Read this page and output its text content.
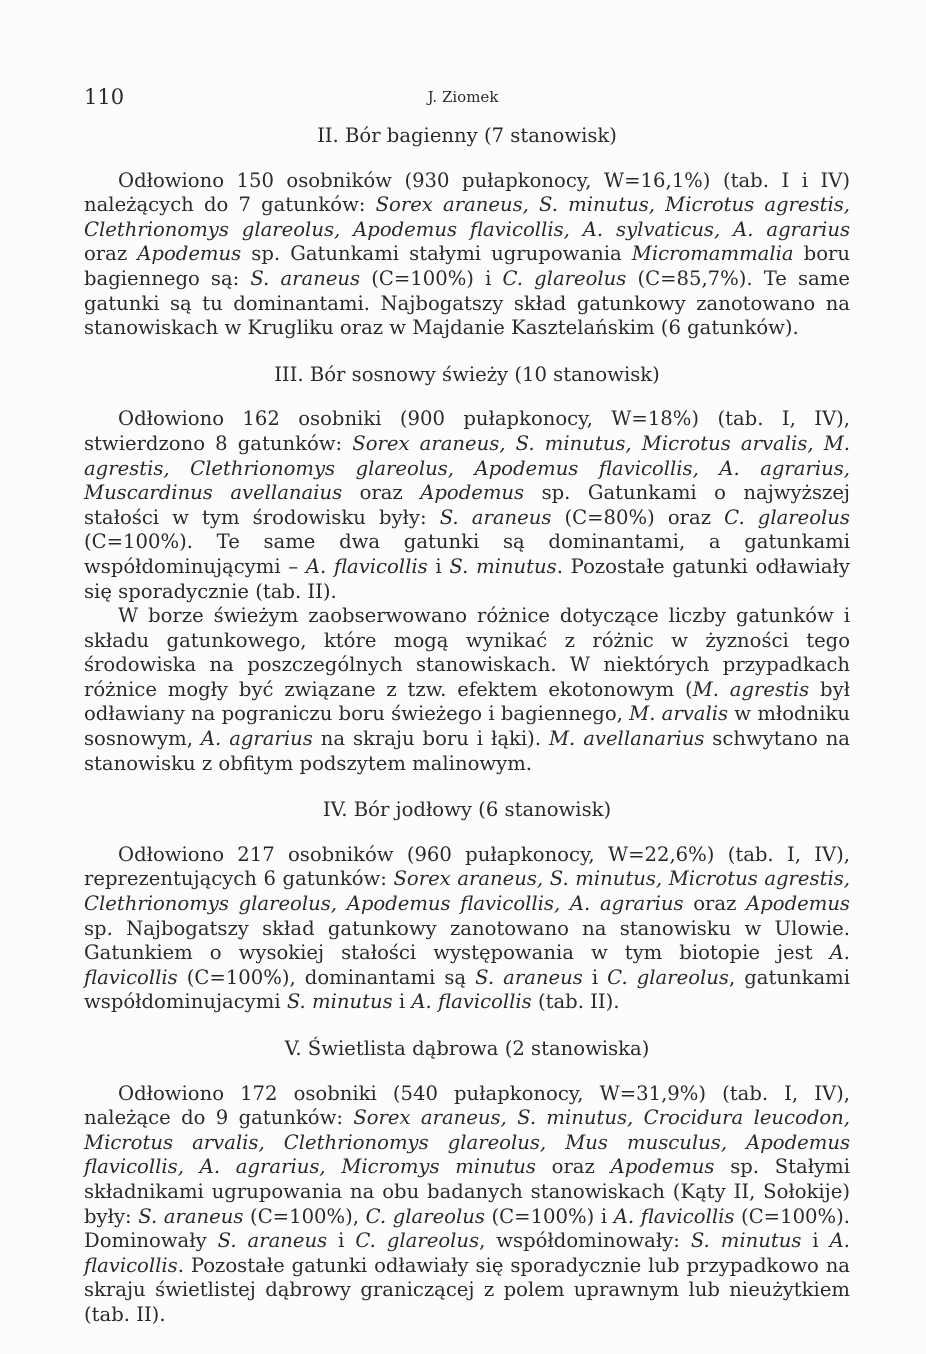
110	J. Ziomek
II. Bór bagienny (7 stanowisk)

Odłowiono 150 osobników (930 pułapkonocy, W=16,1%) (tab. I i IV) należących do 7 gatunków: Sorex araneus, S. minutus, Microtus agrestis, Clethrionomys glareolus, Apodemus flavicollis, A. sylvaticus, A. agrarius oraz Apodemus sp. Gatunkami stałymi ugrupowania Micromammalia boru bagiennego są: S. araneus (C=100%) i C. glareolus (C=85,7%). Te same gatunki są tu dominantami. Najbogatszy skład gatunkowy zanotowano na stanowiskach w Krugliku oraz w Majdanie Kasztelańskim (6 gatunków).

III. Bór sosnowy świeży (10 stanowisk)

Odłowiono 162 osobniki (900 pułapkonocy, W=18%) (tab. I, IV), stwierdzono 8 gatunków: Sorex araneus, S. minutus, Microtus arvalis, M. agrestis, Clethrionomys glareolus, Apodemus flavicollis, A. agrarius, Muscardinus avellanaius oraz Apodemus sp. Gatunkami o najwyższej stałości w tym środowisku były: S. araneus (C=80%) oraz C. glareolus (C=100%). Te same dwa gatunki są dominantami, a gatunkami współdominującymi – A. flavicollis i S. minutus. Pozostałe gatunki odławiały się sporadycznie (tab. II).

W borze świeżym zaobserwowano różnice dotyczące liczby gatunków i składu gatunkowego, które mogą wynikać z różnic w żyzności tego środowiska na poszczególnych stanowiskach. W niektórych przypadkach różnice mogły być związane z tzw. efektem ekotonowym (M. agrestis był odławiany na pograniczu boru świeżego i bagiennego, M. arvalis w młodniku sosnowym, A. agrarius na skraju boru i łąki). M. avellanarius schwytano na stanowisku z obfitym podszytem malinowym.

IV. Bór jodłowy (6 stanowisk)

Odłowiono 217 osobników (960 pułapkonocy, W=22,6%) (tab. I, IV), reprezentujących 6 gatunków: Sorex araneus, S. minutus, Microtus agrestis, Clethrionomys glareolus, Apodemus flavicollis, A. agrarius oraz Apodemus sp. Najbogatszy skład gatunkowy zanotowano na stanowisku w Ulowie. Gatunkiem o wysokiej stałości występowania w tym biotopie jest A. flavicollis (C=100%), dominantami są S. araneus i C. glareolus, gatunkami współdominujacymi S. minutus i A. flavicollis (tab. II).

V. Świetlista dąbrowa (2 stanowiska)

Odłowiono 172 osobniki (540 pułapkonocy, W=31,9%) (tab. I, IV), należące do 9 gatunków: Sorex araneus, S. minutus, Crocidura leucodon, Microtus arvalis, Clethrionomys glareolus, Mus musculus, Apodemus flavicollis, A. agrarius, Micromys minutus oraz Apodemus sp. Stałymi składnikami ugrupowania na obu badanych stanowiskach (Kąty II, Sołokije) były: S. araneus (C=100%), C. glareolus (C=100%) i A. flavicollis (C=100%). Dominowały S. araneus i C. glareolus, współdominowały: S. minutus i A. flavicollis. Pozostałe gatunki odławiały się sporadycznie lub przypadkowo na skraju świetlistej dąbrowy graniczącej z polem uprawnym lub nieużytkiem (tab. II).
